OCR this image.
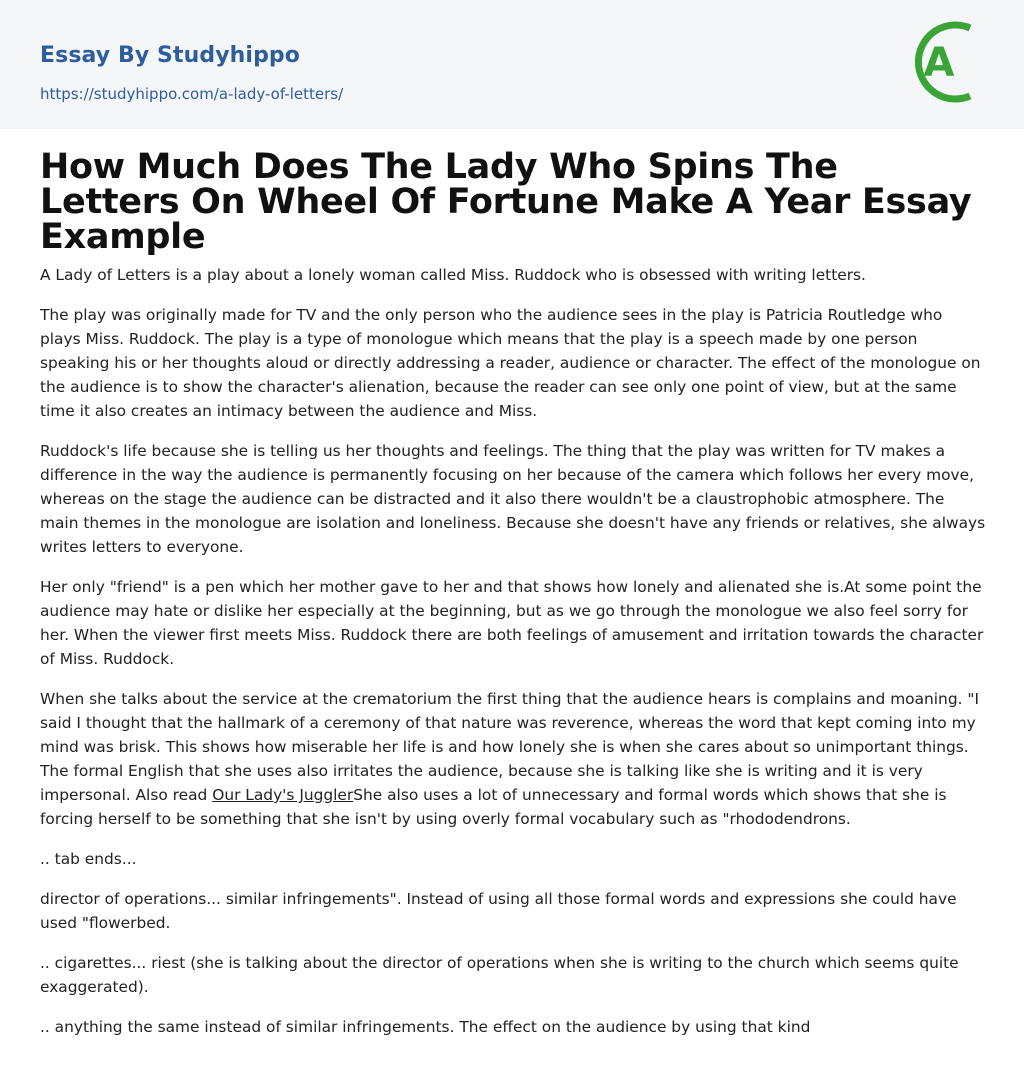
Essay By Studyhippo
https://studyhippo.com/a-lady-of-letters/
A
How Much Does The Lady Who Spins The Letters On Wheel Of Fortune Make A Year Essay Example

A Lady of Letters is a play about a lonely woman called Miss. Ruddock who is obsessed with writing letters.

The play was originally made for TV and the only person who the audience sees in the play is Patricia Routledge who plays Miss. Ruddock. The play is a type of monologue which means that the play is a speech made by one person speaking his or her thoughts aloud or directly addressing a reader, audience or character. The effect of the monologue on the audience is to show the character's alienation, because the reader can see only one point of view, but at the same time it also creates an intimacy between the audience and Miss.

Ruddock's life because she is telling us her thoughts and feelings. The thing that the play was written for TV makes a difference in the way the audience is permanently focusing on her because of the camera which follows her every move, whereas on the stage the audience can be distracted and it also there wouldn't be a claustrophobic atmosphere. The main themes in the monologue are isolation and loneliness. Because she doesn't have any friends or relatives, she always writes letters to everyone.

Her only "friend" is a pen which her mother gave to her and that shows how lonely and alienated she is.At some point the audience may hate or dislike her especially at the beginning, but as we go through the monologue we also feel sorry for her. When the viewer first meets Miss. Ruddock there are both feelings of amusement and irritation towards the character of Miss. Ruddock.

When she talks about the service at the crematorium the first thing that the audience hears is complains and moaning. "I said I thought that the hallmark of a ceremony of that nature was reverence, whereas the word that kept coming into my mind was brisk. This shows how miserable her life is and how lonely she is when she cares about so unimportant things. The formal English that she uses also irritates the audience, because she is talking like she is writing and it is very impersonal. Also read Our Lady's JugglerShe also uses a lot of unnecessary and formal words which shows that she is forcing herself to be something that she isn't by using overly formal vocabulary such as "rhododendrons.

.. tab ends...

director of operations... similar infringements". Instead of using all those formal words and expressions she could have used "flowerbed.

.. cigarettes... riest (she is talking about the director of operations when she is writing to the church which seems quite exaggerated).

.. anything the same instead of similar infringements. The effect on the audience by using that kind
